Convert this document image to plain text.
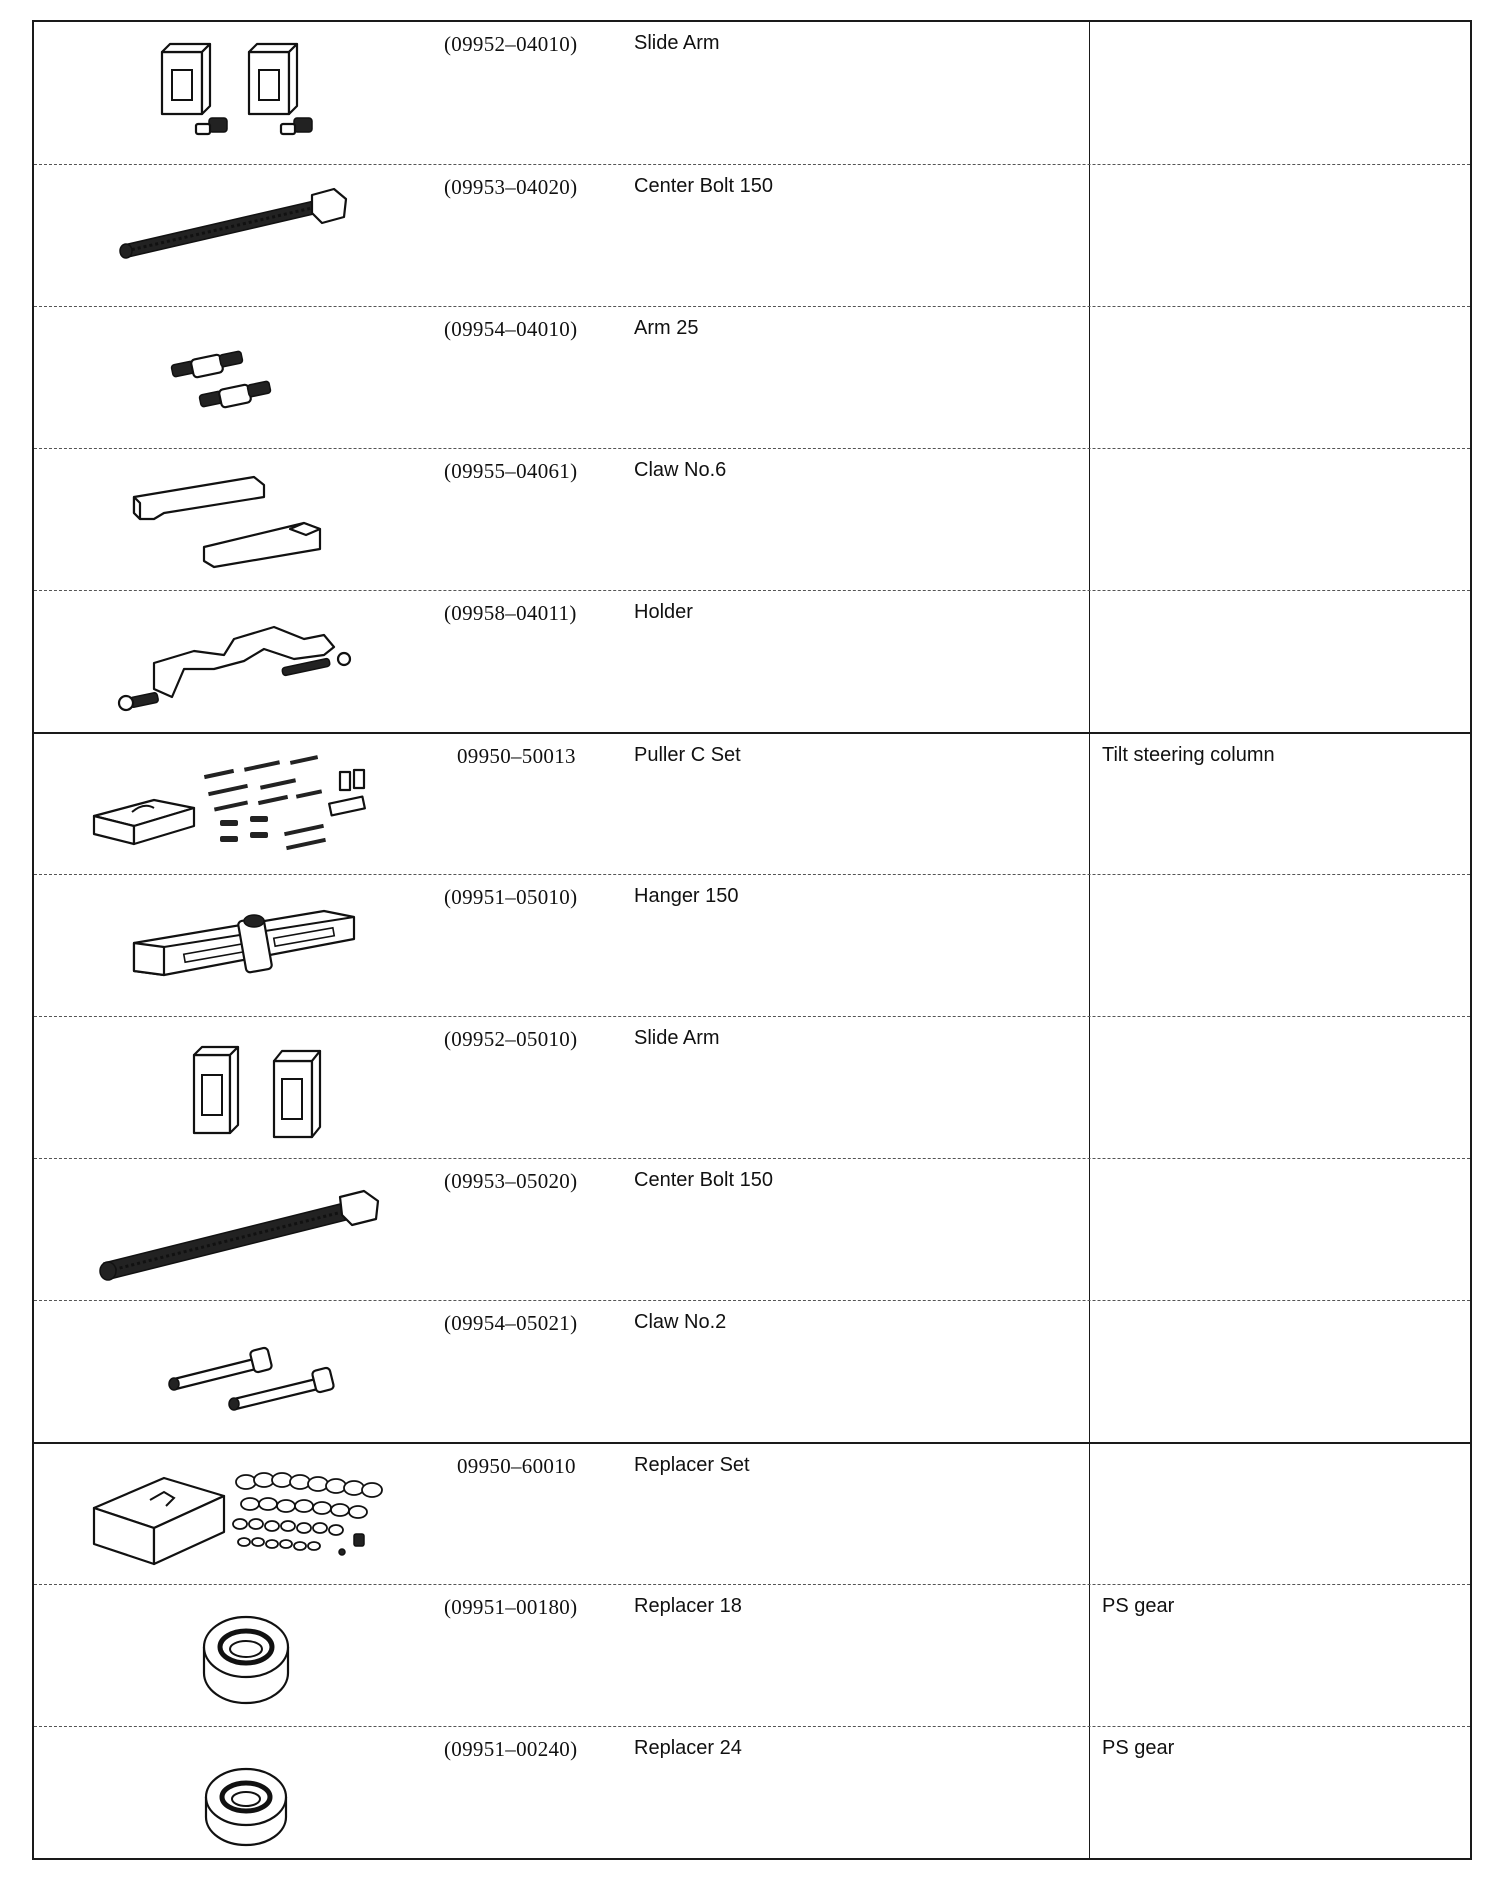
(09952–04010)	Slide Arm
(09953–04020)	Center Bolt 150
(09954–04010)	Arm 25
(09955–04061)	Claw No.6
(09958–04011)	Holder
09950–50013	Puller C Set	Tilt steering column
(09951–05010)	Hanger 150
(09952–05010)	Slide Arm
(09953–05020)	Center Bolt 150
(09954–05021)	Claw No.2
09950–60010	Replacer Set
(09951–00180)	Replacer 18	PS gear
(09951–00240)	Replacer 24	PS gear
